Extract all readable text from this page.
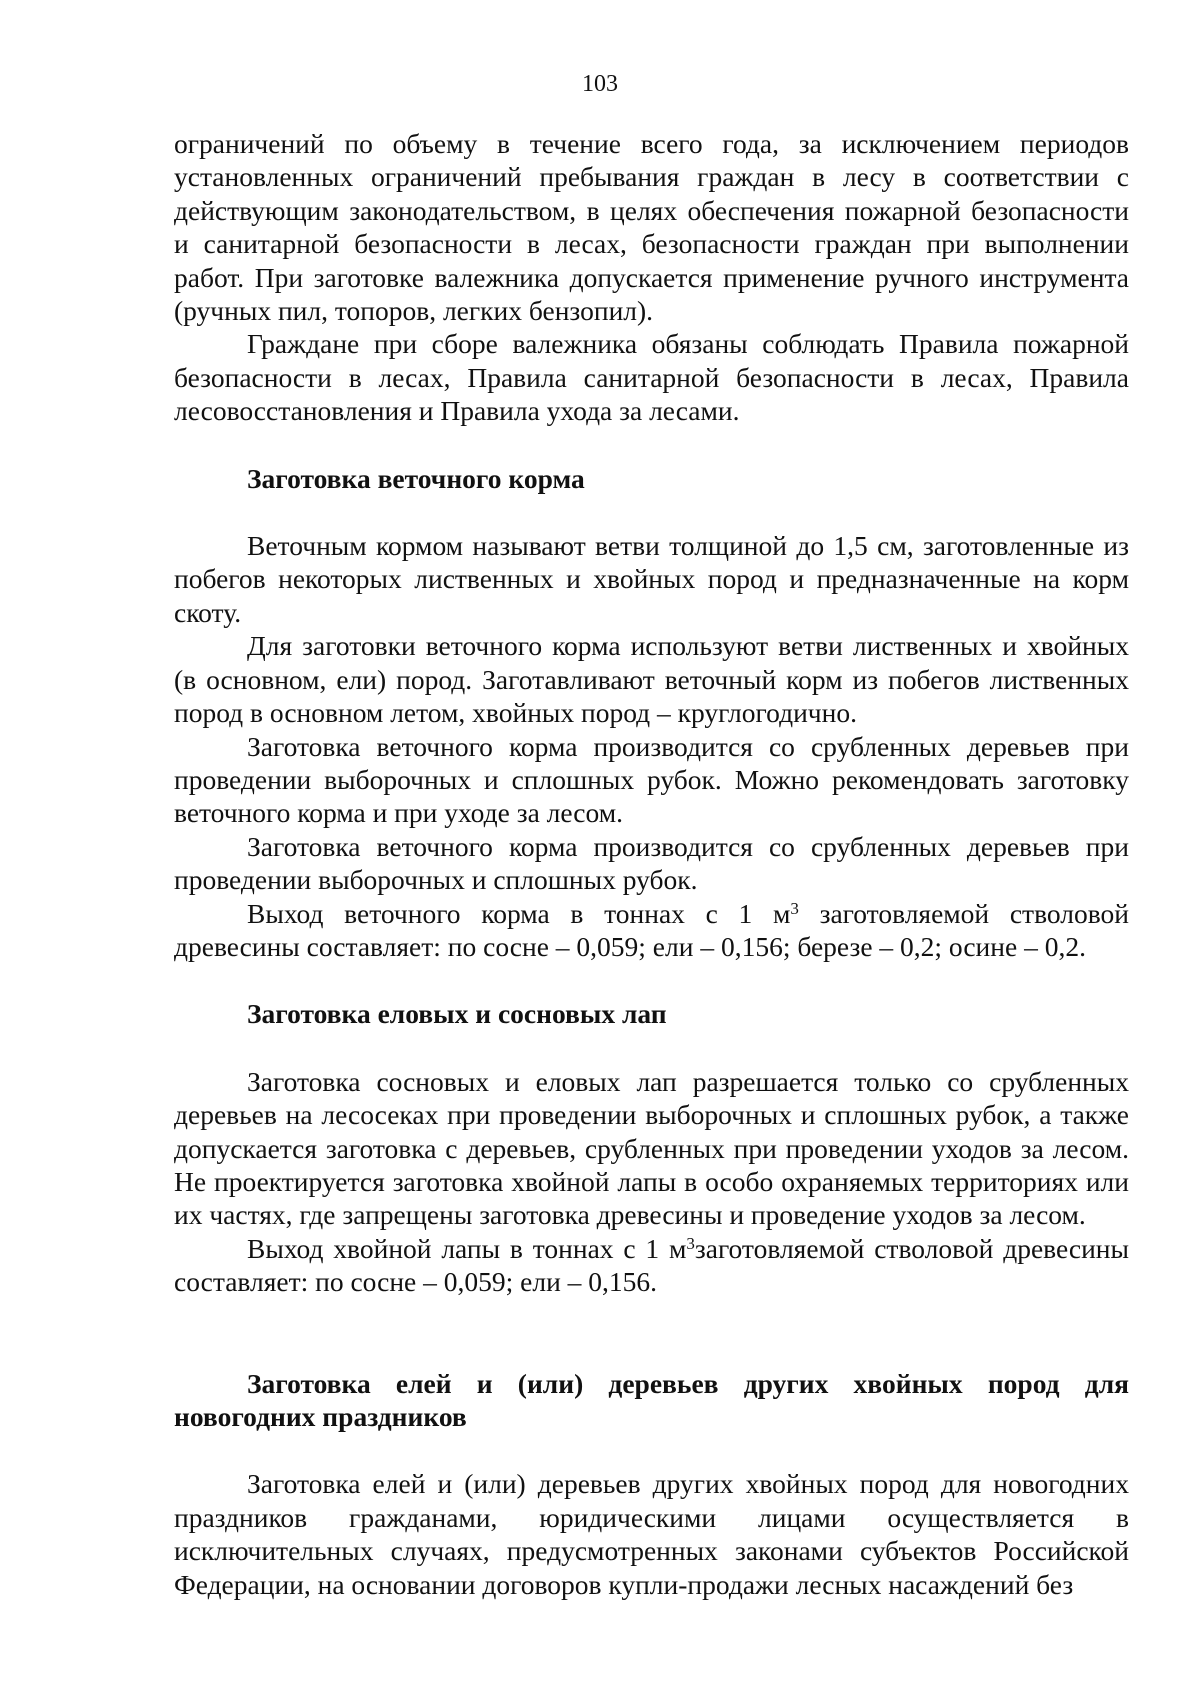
103

ограничений по объему в течение всего года, за исключением периодов установленных ограничений пребывания граждан в лесу в соответствии с действующим законодательством, в целях обеспечения пожарной безопасности и санитарной безопасности в лесах, безопасности граждан при выполнении работ. При заготовке валежника допускается применение ручного инструмента (ручных пил, топоров, легких бензопил).

Граждане при сборе валежника обязаны соблюдать Правила пожарной безопасности в лесах, Правила санитарной безопасности в лесах, Правила лесовосстановления и Правила ухода за лесами.

Заготовка веточного корма

Веточным кормом называют ветви толщиной до 1,5 см, заготовленные из побегов некоторых лиственных и хвойных пород и предназначенные на корм скоту.

Для заготовки веточного корма используют ветви лиственных и хвойных (в основном, ели) пород. Заготавливают веточный корм из побегов лиственных пород в основном летом, хвойных пород – круглогодично.

Заготовка веточного корма производится со срубленных деревьев при проведении выборочных и сплошных рубок. Можно рекомендовать заготовку веточного корма и при уходе за лесом.

Заготовка веточного корма производится со срубленных деревьев при проведении выборочных и сплошных рубок.

Выход веточного корма в тоннах с 1 $м^3$ заготовляемой стволовой древесины составляет: по сосне – 0,059; ели – 0,156; березе – 0,2; осине – 0,2.

Заготовка еловых и сосновых лап

Заготовка сосновых и еловых лап разрешается только со срубленных деревьев на лесосеках при проведении выборочных и сплошных рубок, а также допускается заготовка с деревьев, срубленных при проведении уходов за лесом. Не проектируется заготовка хвойной лапы в особо охраняемых территориях или их частях, где запрещены заготовка древесины и проведение уходов за лесом.

Выход хвойной лапы в тоннах с 1 $м^3заготовляемой$ стволовой древесины составляет: по сосне – 0,059; ели – 0,156.

Заготовка елей и (или) деревьев других хвойных пород для новогодних праздников

Заготовка елей и (или) деревьев других хвойных пород для новогодних праздников гражданами, юридическими лицами осуществляется в исключительных случаях, предусмотренных законами субъектов Российской Федерации, на основании договоров купли-продажи лесных насаждений без
